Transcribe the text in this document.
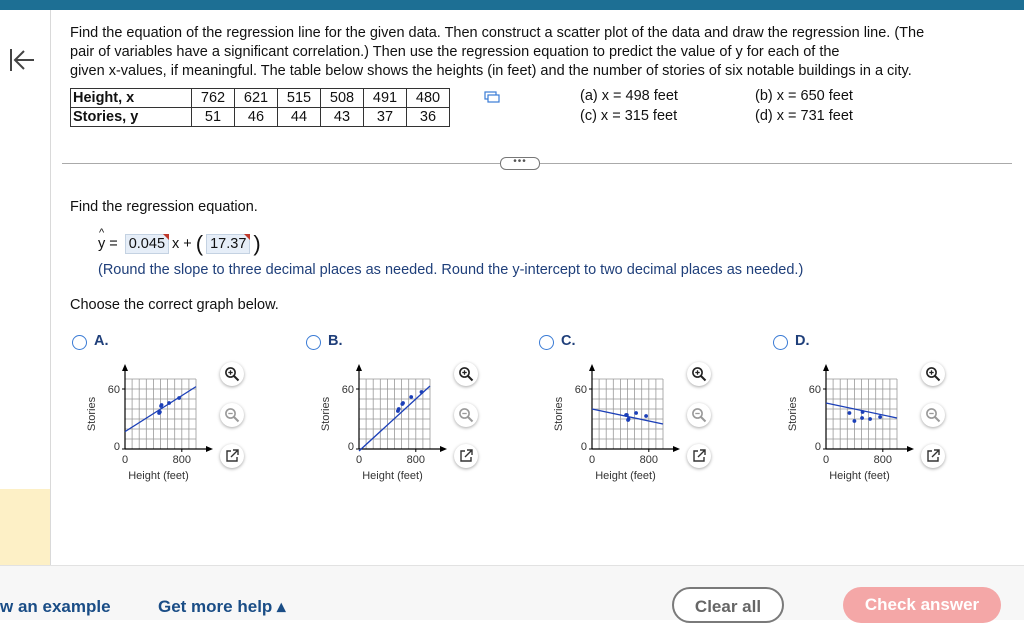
Find the equation of the regression line for the given data. Then construct a scatter plot of the data and draw the regression line. (The

pair of variables have a significant correlation.) Then use the regression equation to predict the value of y for each of the

given x-values, if meaningful. The table below shows the heights (in feet) and the number of stories of six notable buildings in a city.

Height, x	762	621	515	508	491	480
Stories, y	51	46	44	43	37	36
(a) x = 498 feet	(b) x = 650 feet
(c) x = 315 feet	(d) x = 731 feet
•••
Find the regression equation.
^
y = 0.045 x + ( 17.37 )
(Round the slope to three decimal places as needed. Round the y-intercept to two decimal places as needed.)
Choose the correct graph below.
A.
60
0
0	800
Height (feet)
Stories
B.
60
0
0	800
Height (feet)
Stories
C.
60
0
0	800
Height (feet)
Stories
D.
60
0
0	800
Height (feet)
Stories
w an example	Get more help ▴	Clear all	Check answer
